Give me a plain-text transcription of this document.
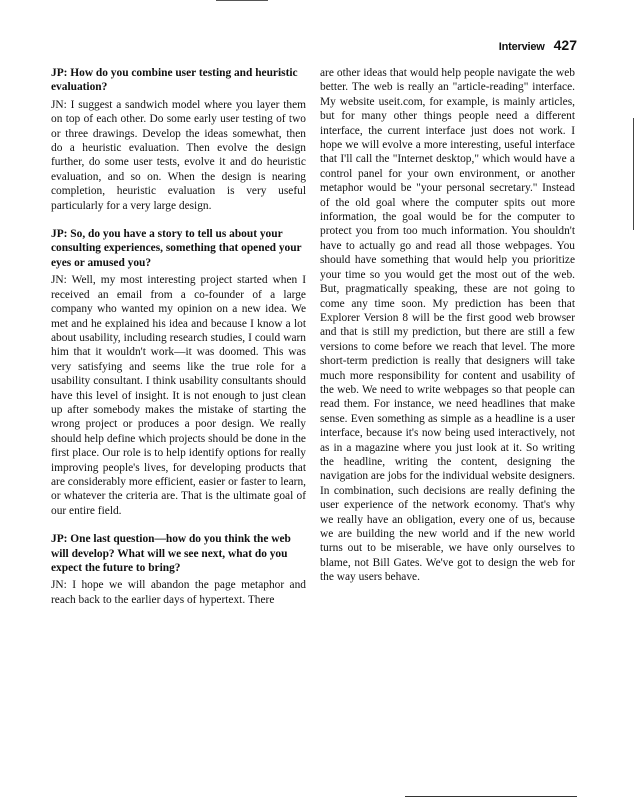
Interview 427

JP: How do you combine user testing and heuristic evaluation?

JN: I suggest a sandwich model where you layer them on top of each other. Do some early user testing of two or three drawings. Develop the ideas somewhat, then do a heuristic evaluation. Then evolve the design further, do some user tests, evolve it and do heuristic evaluation, and so on. When the design is nearing completion, heuristic evaluation is very useful particularly for a very large design.

JP: So, do you have a story to tell us about your consulting experiences, something that opened your eyes or amused you?

JN: Well, my most interesting project started when I received an email from a co-founder of a large company who wanted my opinion on a new idea. We met and he explained his idea and because I know a lot about usability, including research studies, I could warn him that it wouldn't work—it was doomed. This was very satisfying and seems like the true role for a usability consultant. I think usability consultants should have this level of insight. It is not enough to just clean up after somebody makes the mistake of starting the wrong project or produces a poor design. We really should help define which projects should be done in the first place. Our role is to help identify options for really improving people's lives, for developing products that are considerably more efficient, easier or faster to learn, or whatever the criteria are. That is the ultimate goal of our entire field.

JP: One last question—how do you think the web will develop? What will we see next, what do you expect the future to bring?

JN: I hope we will abandon the page metaphor and reach back to the earlier days of hypertext. There

are other ideas that would help people navigate the web better. The web is really an "article-reading" interface. My website useit.com, for example, is mainly articles, but for many other things people need a different interface, the current interface just does not work. I hope we will evolve a more interesting, useful interface that I'll call the "Internet desktop," which would have a control panel for your own environment, or another metaphor would be "your personal secretary." Instead of the old goal where the computer spits out more information, the goal would be for the computer to protect you from too much information. You shouldn't have to actually go and read all those webpages. You should have something that would help you prioritize your time so you would get the most out of the web. But, pragmatically speaking, these are not going to come any time soon. My prediction has been that Explorer Version 8 will be the first good web browser and that is still my prediction, but there are still a few versions to come before we reach that level. The more short-term prediction is really that designers will take much more responsibility for content and usability of the web. We need to write webpages so that people can read them. For instance, we need headlines that make sense. Even something as simple as a headline is a user interface, because it's now being used interactively, not as in a magazine where you just look at it. So writing the headline, writing the content, designing the navigation are jobs for the individual website designers. In combination, such decisions are really defining the user experience of the network economy. That's why we really have an obligation, every one of us, because we are building the new world and if the new world turns out to be miserable, we have only ourselves to blame, not Bill Gates. We've got to design the web for the way users behave.
